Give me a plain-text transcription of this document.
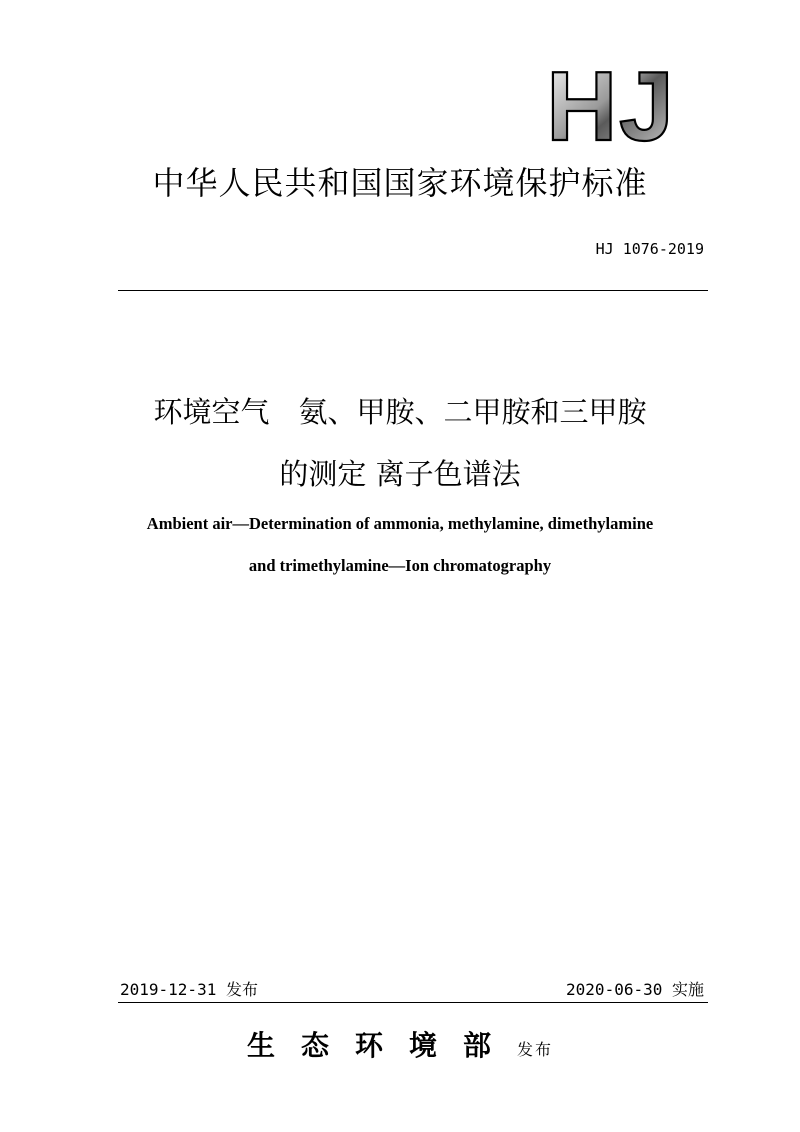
HJ
中华人民共和国国家环境保护标准
HJ 1076-2019
环境空气　氨、甲胺、二甲胺和三甲胺
的测定 离子色谱法
Ambient air—Determination of ammonia, methylamine, dimethylamine
and trimethylamine—Ion chromatography
2019-12-31 发布	2020-06-30 实施
生态环境部发布
